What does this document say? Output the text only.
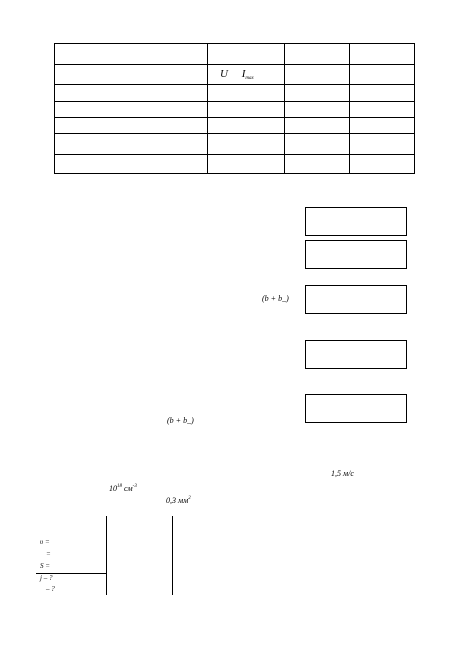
	U $I_{max}$		

(b + b_)
(b + b_)
1,5 м/с
$10^{18}$ $см^{-3}$
0,3 $мм^2$
υ =
=
S =
j – ?
– ?
